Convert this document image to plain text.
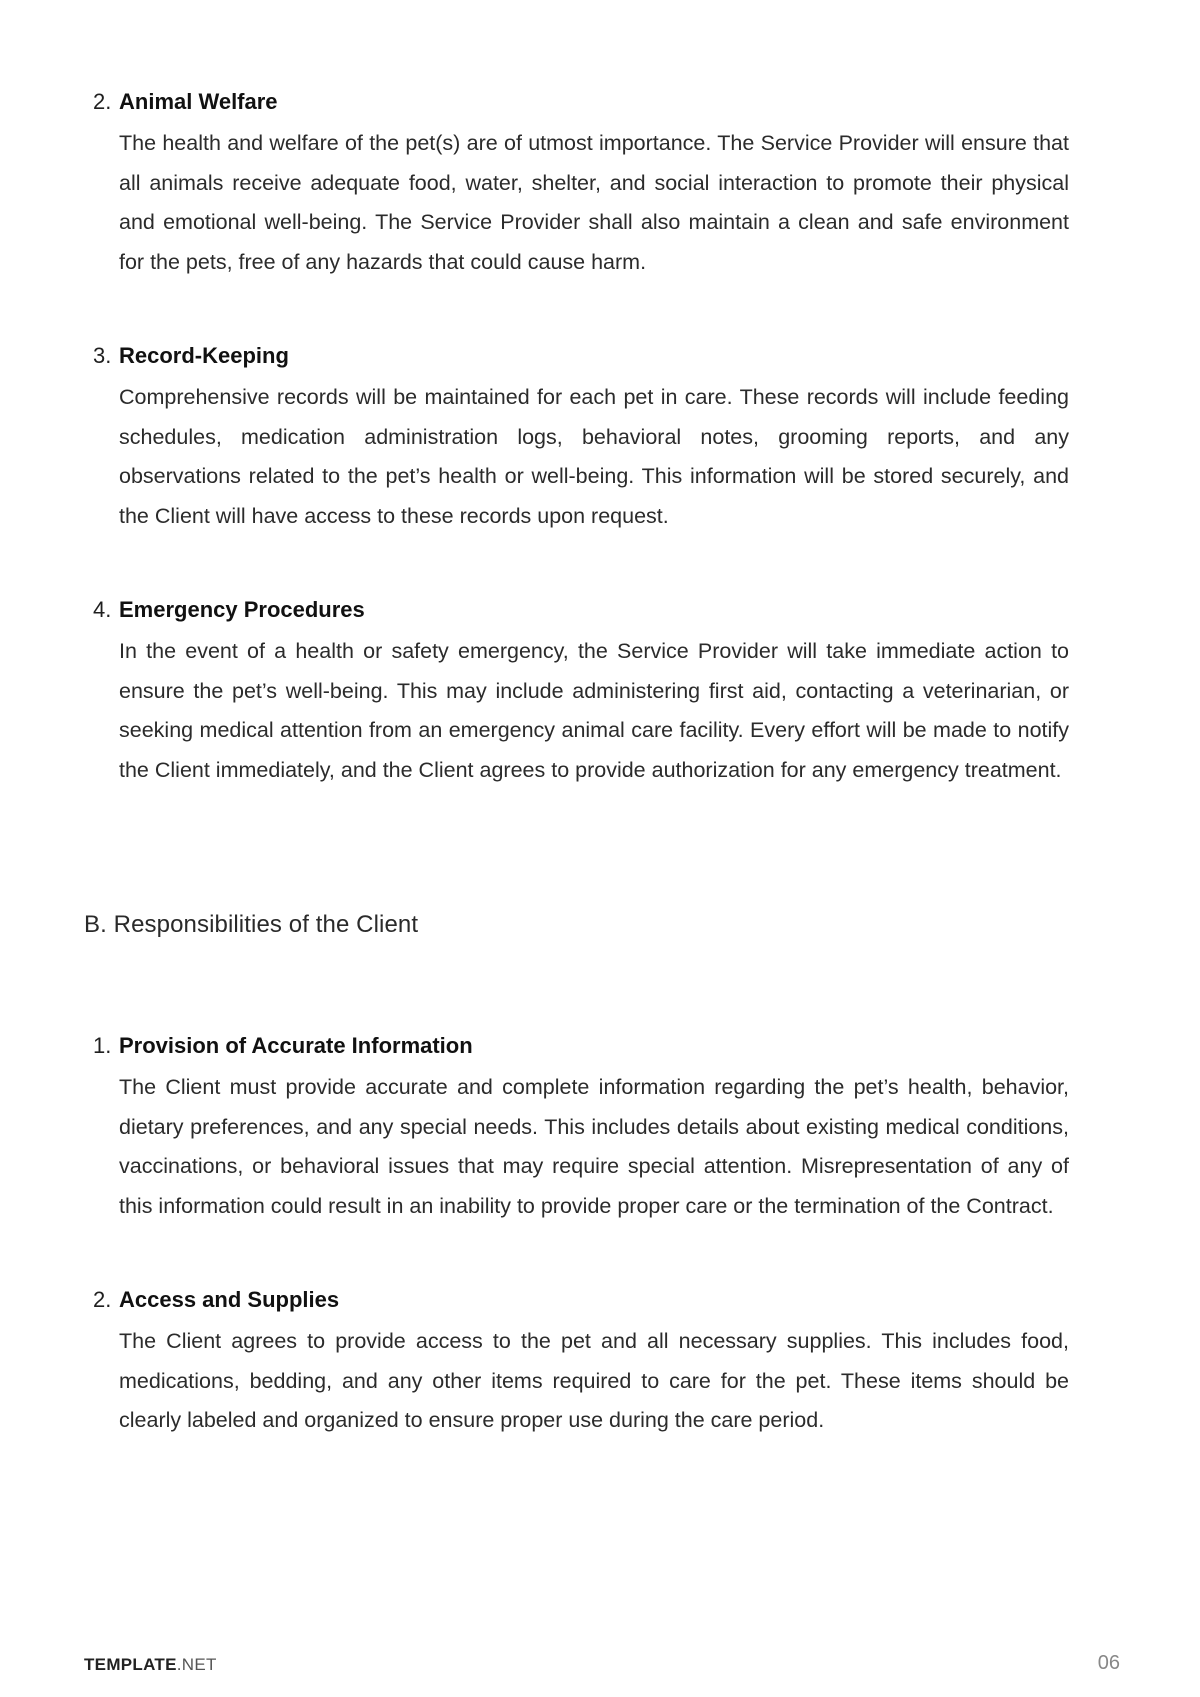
2. Animal Welfare

The health and welfare of the pet(s) are of utmost importance. The Service Provider will ensure that all animals receive adequate food, water, shelter, and social interaction to promote their physical and emotional well-being. The Service Provider shall also maintain a clean and safe environment for the pets, free of any hazards that could cause harm.

3. Record-Keeping

Comprehensive records will be maintained for each pet in care. These records will include feeding schedules, medication administration logs, behavioral notes, grooming reports, and any observations related to the pet’s health or well-being. This information will be stored securely, and the Client will have access to these records upon request.

4. Emergency Procedures

In the event of a health or safety emergency, the Service Provider will take immediate action to ensure the pet’s well-being. This may include administering first aid, contacting a veterinarian, or seeking medical attention from an emergency animal care facility. Every effort will be made to notify the Client immediately, and the Client agrees to provide authorization for any emergency treatment.

B. Responsibilities of the Client
1. Provision of Accurate Information

The Client must provide accurate and complete information regarding the pet’s health, behavior, dietary preferences, and any special needs. This includes details about existing medical conditions, vaccinations, or behavioral issues that may require special attention. Misrepresentation of any of this information could result in an inability to provide proper care or the termination of the Contract.

2. Access and Supplies

The Client agrees to provide access to the pet and all necessary supplies. This includes food, medications, bedding, and any other items required to care for the pet. These items should be clearly labeled and organized to ensure proper use during the care period.

TEMPLATE.NET	06
